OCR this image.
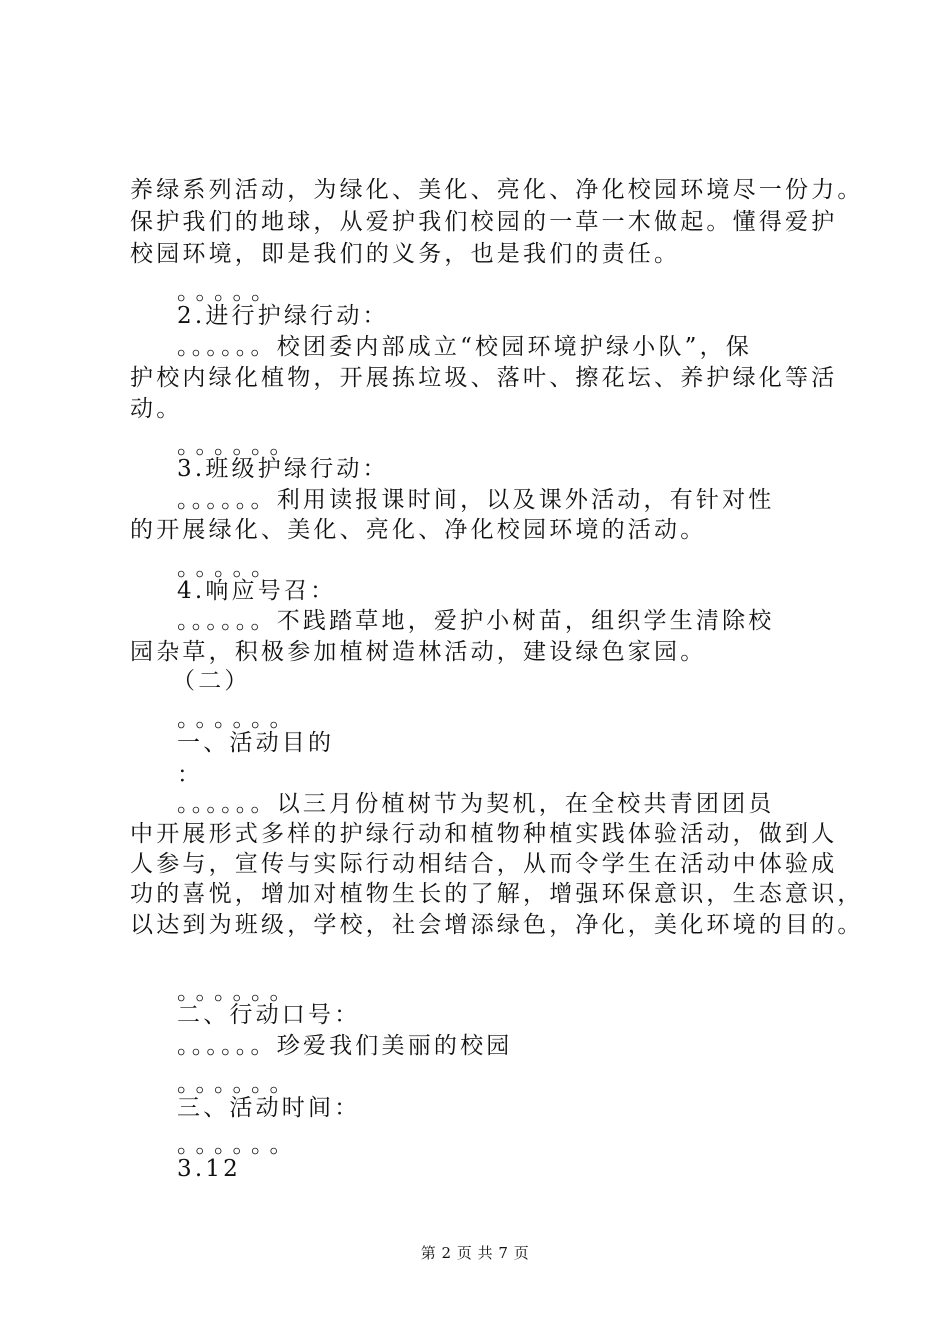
养绿系列活动，为绿化、美化、亮化、净化校园环境尽一份力。
保护我们的地球，从爱护我们校园的一草一木做起。懂得爱护
校园环境，即是我们的义务，也是我们的责任。
。。。。。
2.进行护绿行动：
。。。。。。校团委内部成立“校园环境护绿小队”，保
护校内绿化植物，开展拣垃圾、落叶、擦花坛、养护绿化等活
动。
。。。。。。
3.班级护绿行动：
。。。。。。利用读报课时间，以及课外活动，有针对性
的开展绿化、美化、亮化、净化校园环境的活动。
。。。。。
4.响应号召：
。。。。。。不践踏草地，爱护小树苗，组织学生清除校
园杂草，积极参加植树造林活动，建设绿色家园。
（二）
。。。。。。
一、活动目的
：
。。。。。。以三月份植树节为契机，在全校共青团团员
中开展形式多样的护绿行动和植物种植实践体验活动，做到人
人参与，宣传与实际行动相结合，从而令学生在活动中体验成
功的喜悦，增加对植物生长的了解，增强环保意识，生态意识，
以达到为班级，学校，社会增添绿色，净化，美化环境的目的。
。。。。。。
二、行动口号：
。。。。。。珍爱我们美丽的校园
。。。。。。
三、活动时间：
。。。。。。
3.12
第 2 页 共 7 页
